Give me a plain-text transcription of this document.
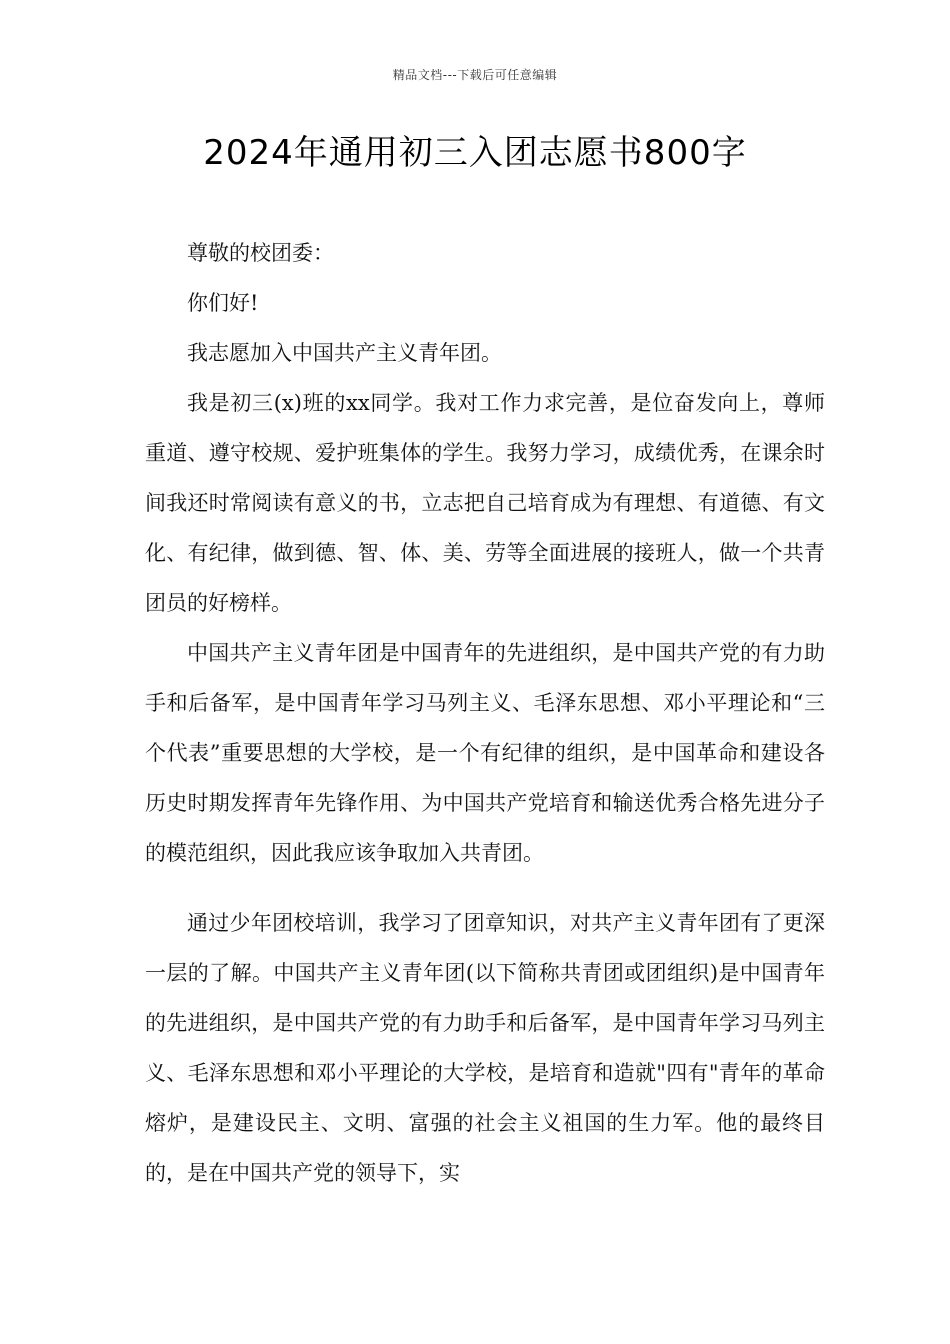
精品文档---下载后可任意编辑
2024年通用初三入团志愿书800字

尊敬的校团委：

你们好!

我志愿加入中国共产主义青年团。

我是初三(x)班的xx同学。我对工作力求完善，是位奋发向上，尊师重道、遵守校规、爱护班集体的学生。我努力学习，成绩优秀，在课余时间我还时常阅读有意义的书，立志把自己培育成为有理想、有道德、有文化、有纪律，做到德、智、体、美、劳等全面进展的接班人，做一个共青团员的好榜样。

中国共产主义青年团是中国青年的先进组织，是中国共产党的有力助手和后备军，是中国青年学习马列主义、毛泽东思想、邓小平理论和“三个代表”重要思想的大学校，是一个有纪律的组织，是中国革命和建设各历史时期发挥青年先锋作用、为中国共产党培育和输送优秀合格先进分子的模范组织，因此我应该争取加入共青团。

通过少年团校培训，我学习了团章知识，对共产主义青年团有了更深一层的了解。中国共产主义青年团(以下简称共青团或团组织)是中国青年的先进组织，是中国共产党的有力助手和后备军，是中国青年学习马列主义、毛泽东思想和邓小平理论的大学校，是培育和造就"四有"青年的革命熔炉，是建设民主、文明、富强的社会主义祖国的生力军。他的最终目的，是在中国共产党的领导下，实
